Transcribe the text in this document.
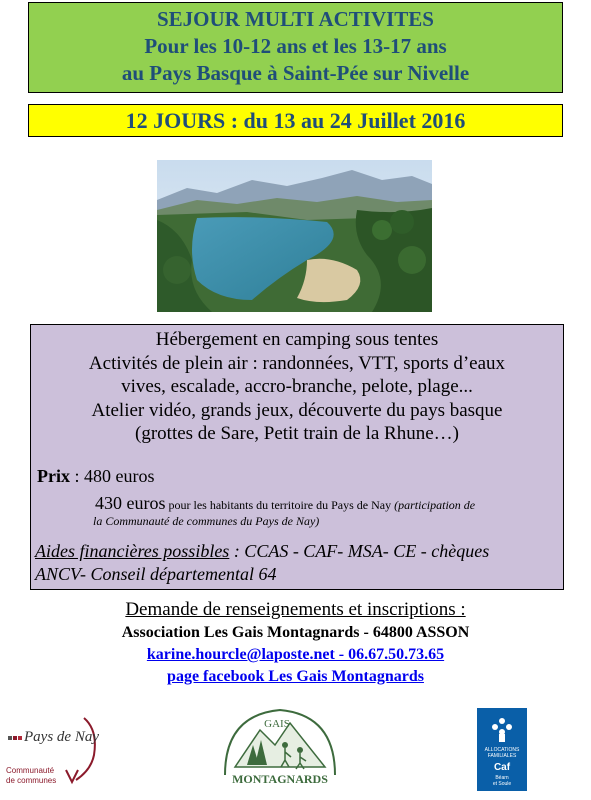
SEJOUR MULTI ACTIVITES
Pour les 10-12 ans et les 13-17 ans
au Pays Basque à Saint-Pée sur Nivelle
12 JOURS : du 13 au 24 Juillet 2016
Hébergement en camping sous tentes
Activités de plein air : randonnées, VTT, sports d’eaux
vives, escalade, accro-branche, pelote, plage...
Atelier vidéo, grands jeux, découverte du pays basque
(grottes de Sare, Petit train de la Rhune…)
Prix : 480 euros
430 euros pour les habitants du territoire du Pays de Nay (participation de
la Communauté de communes du Pays de Nay)
Aides financières possibles : CCAS - CAF- MSA- CE - chèques
ANCV- Conseil départemental 64
Demande de renseignements et inscriptions :
Association Les Gais Montagnards - 64800 ASSON
karine.hourcle@laposte.net - 06.67.50.73.65
page facebook Les Gais Montagnards
Pays de Nay
Communauté
de communes
GAIS
MONTAGNARDS
ALLOCATIONS
FAMILIALES
Caf
Béarn
et Soule
